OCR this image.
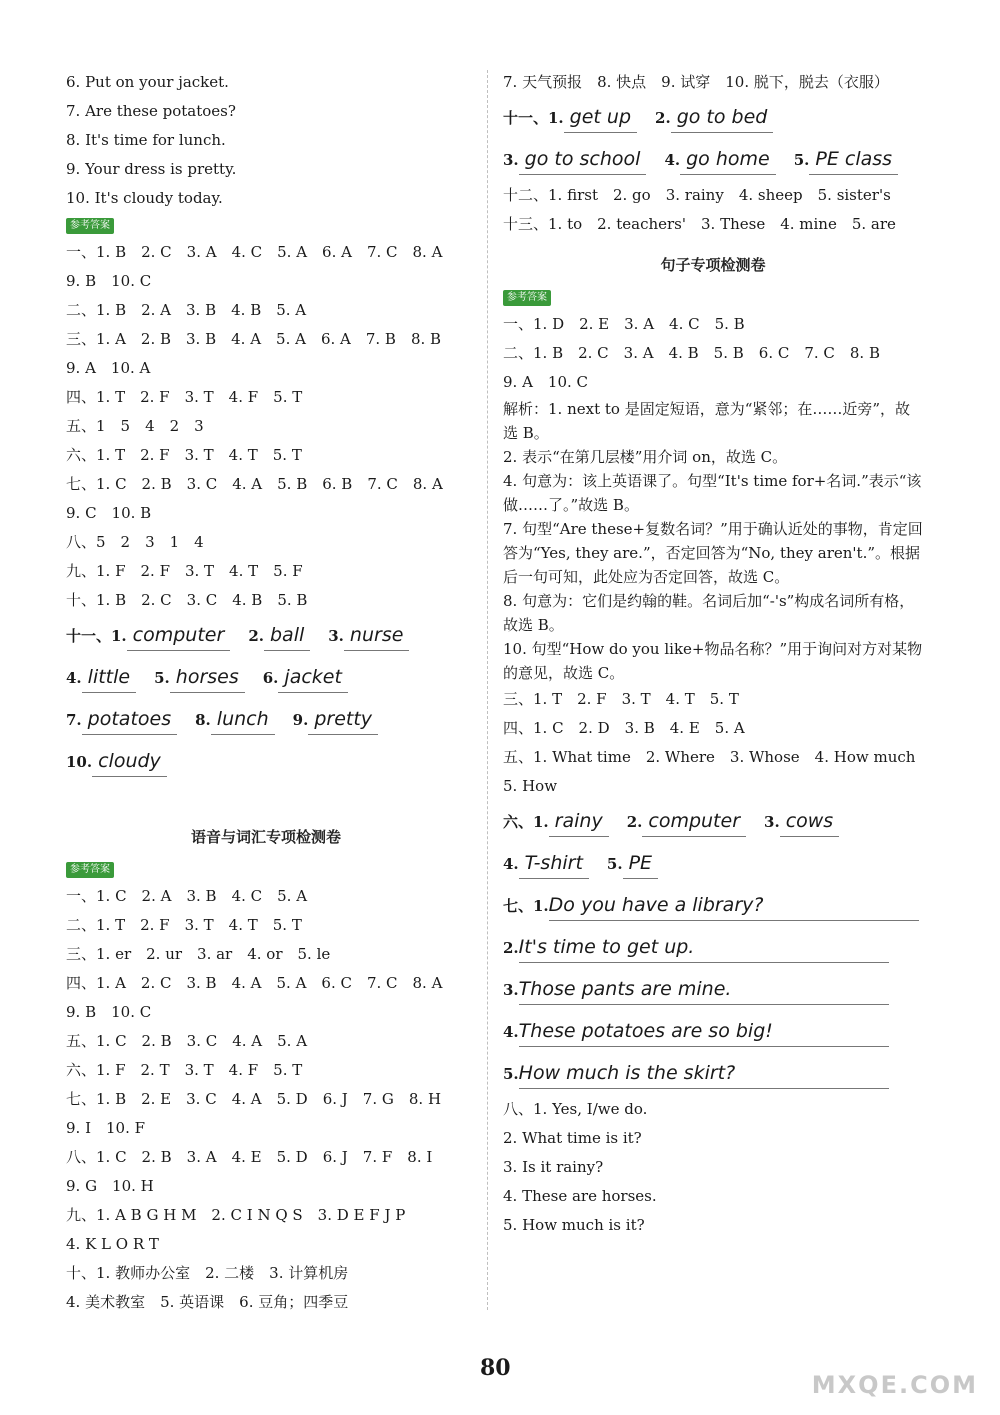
6. Put on your jacket.
7. Are these potatoes?
8. It's time for lunch.
9. Your dress is pretty.
10. It's cloudy today.
参考答案
一、1. B　2. C　3. A　4. C　5. A　6. A　7. C　8. A
9. B　10. C
二、1. B　2. A　3. B　4. B　5. A
三、1. A　2. B　3. B　4. A　5. A　6. A　7. B　8. B
9. A　10. A
四、1. T　2. F　3. T　4. F　5. T
五、1　5　4　2　3
六、1. T　2. F　3. T　4. T　5. T
七、1. C　2. B　3. C　4. A　5. B　6. B　7. C　8. A
9. C　10. B
八、5　2　3　1　4
九、1. F　2. F　3. T　4. T　5. F
十、1. B　2. C　3. C　4. B　5. B
十一、1. computer 2. ball 3. nurse
4. little 5. horses 6. jacket
7. potatoes 8. lunch 9. pretty
10. cloudy
语音与词汇专项检测卷
参考答案
一、1. C　2. A　3. B　4. C　5. A
二、1. T　2. F　3. T　4. T　5. T
三、1. er　2. ur　3. ar　4. or　5. le
四、1. A　2. C　3. B　4. A　5. A　6. C　7. C　8. A
9. B　10. C
五、1. C　2. B　3. C　4. A　5. A
六、1. F　2. T　3. T　4. F　5. T
七、1. B　2. E　3. C　4. A　5. D　6. J　7. G　8. H
9. I　10. F
八、1. C　2. B　3. A　4. E　5. D　6. J　7. F　8. I
9. G　10. H
九、1. A B G H M　2. C I N Q S　3. D E F J P
4. K L O R T
十、1. 教师办公室　2. 二楼　3. 计算机房
4. 美术教室　5. 英语课　6. 豆角；四季豆
7. 天气预报　8. 快点　9. 试穿　10. 脱下，脱去（衣服）
十一、1. get up 2. go to bed
3. go to school 4. go home 5. PE class
十二、1. first　2. go　3. rainy　4. sheep　5. sister's
十三、1. to　2. teachers'　3. These　4. mine　5. are
句子专项检测卷
参考答案
一、1. D　2. E　3. A　4. C　5. B
二、1. B　2. C　3. A　4. B　5. B　6. C　7. C　8. B
9. A　10. C
解析：1. next to 是固定短语，意为“紧邻；在……近旁”，故选 B。
2. 表示“在第几层楼”用介词 on，故选 C。
4. 句意为：该上英语课了。句型“It's time for+名词.”表示“该做……了。”故选 B。
7. 句型“Are these+复数名词？”用于确认近处的事物，肯定回答为“Yes, they are.”，否定回答为“No, they aren't.”。根据后一句可知，此处应为否定回答，故选 C。
8. 句意为：它们是约翰的鞋。名词后加“-'s”构成名词所有格，故选 B。
10. 句型“How do you like+物品名称？”用于询问对方对某物的意见，故选 C。
三、1. T　2. F　3. T　4. T　5. T
四、1. C　2. D　3. B　4. E　5. A
五、1. What time　2. Where　3. Whose　4. How much
5. How
六、1. rainy 2. computer 3. cows
4. T-shirt 5. PE
七、1.Do you have a library?
2.It's time to get up.
3.Those pants are mine.
4.These potatoes are so big!
5.How much is the skirt?
八、1. Yes, I/we do.
2. What time is it?
3. Is it rainy?
4. These are horses.
5. How much is it?
80
MXQE.COM
